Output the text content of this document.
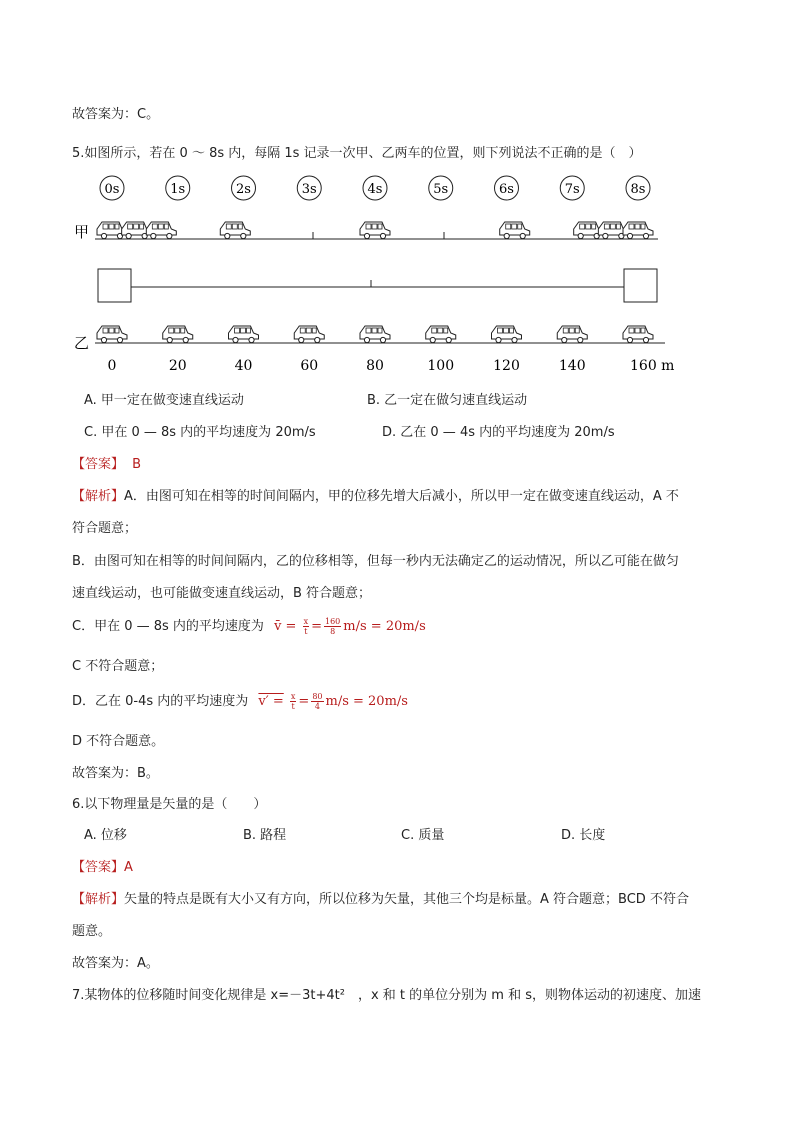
故答案为：C。
5.如图所示，若在 0 ～ 8s 内，每隔 1s 记录一次甲、乙两车的位置，则下列说法不正确的是（　）
0s	1s	2s	3s	4s	5s	6s	7s	8s
甲
乙
0	20	40	60	80	100	120	140	160 m
A. 甲一定在做变速直线运动	B. 乙一定在做匀速直线运动
C. 甲在 0 — 8s 内的平均速度为 20m/s	D. 乙在 0 — 4s 内的平均速度为 20m/s
【答案】 B
【解析】A．由图可知在相等的时间间隔内，甲的位移先增大后减小，所以甲一定在做变速直线运动，A 不
符合题意；
B．由图可知在相等的时间间隔内，乙的位移相等，但每一秒内无法确定乙的运动情况，所以乙可能在做匀
速直线运动，也可能做变速直线运动，B 符合题意；
C．甲在 0 — 8s 内的平均速度为 v̄ = $\frac{x}{t} = \frac{160}{8} m/s = 20m/s$
C 不符合题意；
D．乙在 0-4s 内的平均速度为 $v' = \frac{x}{t} = \frac{80}{4} m/s = 20m/s$
D 不符合题意。
故答案为：B。
6.以下物理量是矢量的是（　　）
A. 位移	B. 路程	C. 质量	D. 长度
【答案】A
【解析】矢量的特点是既有大小又有方向，所以位移为矢量，其他三个均是标量。A 符合题意；BCD 不符合
题意。
故答案为：A。
7.某物体的位移随时间变化规律是 x=－3t+4t²　，x 和 t 的单位分别为 m 和 s，则物体运动的初速度、加速
